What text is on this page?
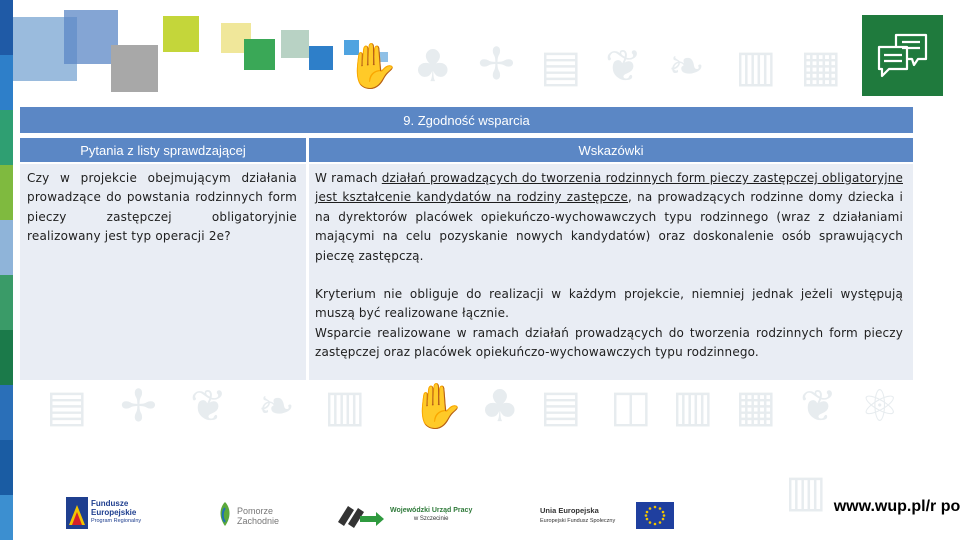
✋ ♣ ✢ ▤ ❦ ❧ ▥ ▦
▤ ✢ ❦ ❧ ▥ ✋ ♣ ▤ ◫ ▥ ▦ ❦ ⚛
▥
9. Zgodność wsparcia
Pytania z listy sprawdzającej	Wskazówki
Czy w projekcie obejmującym działania prowadzące do powstania rodzinnych form pieczy zastępczej obligatoryjnie realizowany jest typ operacji 2e?

W ramach działań prowadzących do tworzenia rodzinnych form pieczy zastępczej obligatoryjne jest kształcenie kandydatów na rodziny zastępcze, na prowadzących rodzinne domy dziecka i na dyrektorów placówek opiekuńczo-wychowawczych typu rodzinnego (wraz z działaniami mającymi na celu pozyskanie nowych kandydatów) oraz doskonalenie osób sprawujących pieczę zastępczą.

Kryterium nie obliguje do realizacji w każdym projekcie, niemniej jednak jeżeli występują muszą być realizowane łącznie.

Wsparcie realizowane w ramach działań prowadzących do tworzenia rodzinnych form pieczy zastępczej oraz placówek opiekuńczo-wychowawczych typu rodzinnego.

Fundusze
Europejskie
Program Regionalny
Pomorze
Zachodnie
Wojewódzki Urząd Pracy
w Szczecinie
Unia Europejska
Europejski Fundusz Społeczny
www.wup.pl/r po
